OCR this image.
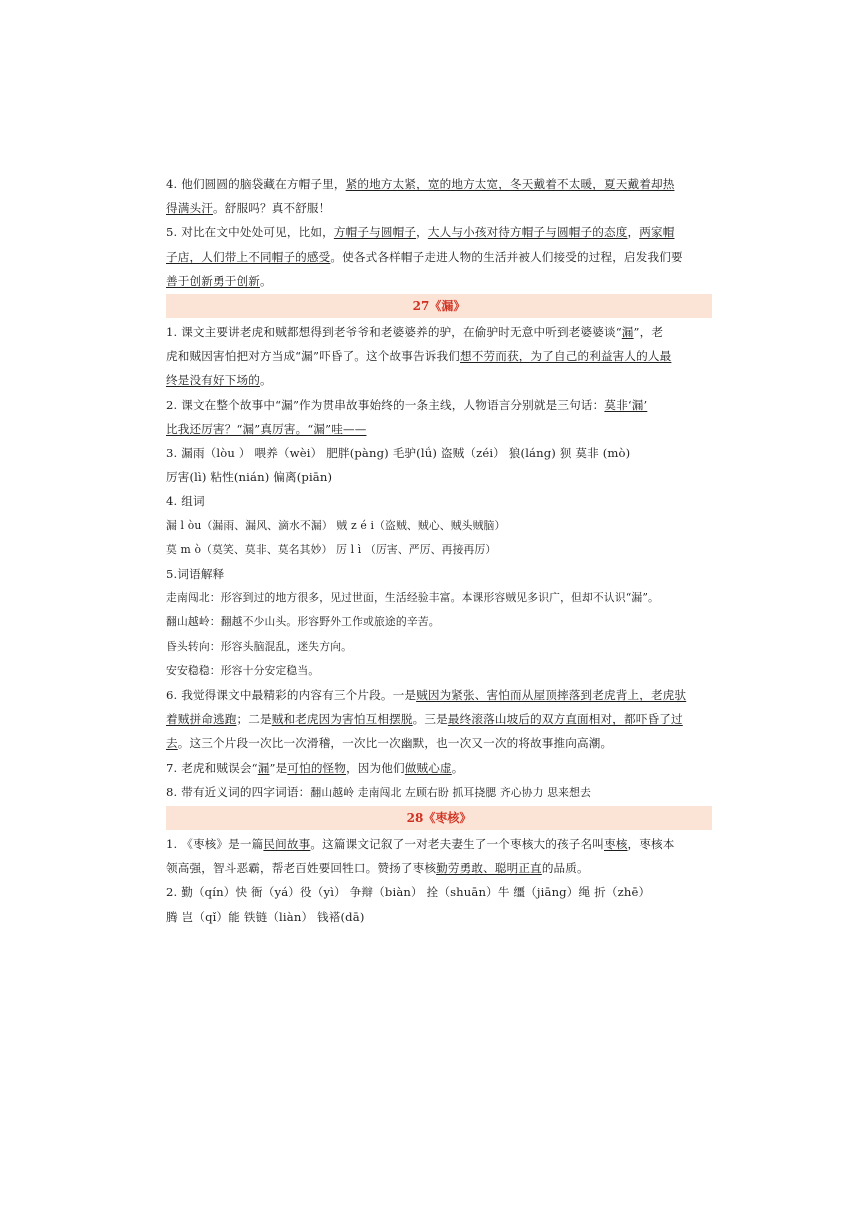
4. 他们圆圆的脑袋藏在方帽子里，紧的地方太紧，宽的地方太宽，冬天戴着不太暖，夏天戴着却热
得满头汗。舒服吗？真不舒服！
5. 对比在文中处处可见，比如，方帽子与圆帽子，大人与小孩对待方帽子与圆帽子的态度，两家帽
子店，人们带上不同帽子的感受。使各式各样帽子走进人物的生活并被人们接受的过程，启发我们要
善于创新勇于创新。
27《漏》
1. 课文主要讲老虎和贼都想得到老爷爷和老婆婆养的驴，在偷驴时无意中听到老婆婆谈“漏”，老
虎和贼因害怕把对方当成“漏”吓昏了。这个故事告诉我们想不劳而获，为了自己的利益害人的人最
终是没有好下场的。
2. 课文在整个故事中“漏”作为贯串故事始终的一条主线，人物语言分别就是三句话：莫非‘漏’
比我还厉害？“漏”真厉害。“漏”哇——
3. 漏雨（lòu ） 喂养（wèi） 肥胖(pàng) 毛驴(lǘ) 盗贼（zéi） 狼(láng) 狈 莫非 (mò)
厉害(lì) 粘性(nián) 偏离(piān)
4. 组词
漏 l òu（漏雨、漏风、滴水不漏） 贼 z é i（盗贼、贼心、贼头贼脑）
莫 m ò（莫笑、莫非、莫名其妙） 厉 l ì （厉害、严厉、再接再厉）
5.词语解释
走南闯北：形容到过的地方很多，见过世面，生活经验丰富。本课形容贼见多识广，但却不认识“漏”。
翻山越岭：翻越不少山头。形容野外工作或旅途的辛苦。
昏头转向：形容头脑混乱，迷失方向。
安安稳稳：形容十分安定稳当。
6. 我觉得课文中最精彩的内容有三个片段。一是贼因为紧张、害怕而从屋顶摔落到老虎背上，老虎驮
着贼拼命逃跑；二是贼和老虎因为害怕互相摆脱。三是最终滚落山坡后的双方直面相对，都吓昏了过
去。这三个片段一次比一次滑稽，一次比一次幽默，也一次又一次的将故事推向高潮。
7. 老虎和贼误会“漏”是可怕的怪物，因为他们做贼心虚。
8. 带有近义词的四字词语：翻山越岭 走南闯北 左顾右盼 抓耳挠腮 齐心协力 思来想去
28《枣核》
1. 《枣核》是一篇民间故事。这篇课文记叙了一对老夫妻生了一个枣核大的孩子名叫枣核，枣核本
领高强，智斗恶霸，帮老百姓要回牲口。赞扬了枣核勤劳勇敢、聪明正直的品质。
2. 勤（qín）快 衙（yá）役（yì） 争辩（biàn） 拴（shuān）牛 缰（jiāng）绳 折（zhē）
腾 岂（qǐ）能 铁链（liàn） 钱褡(dā)
